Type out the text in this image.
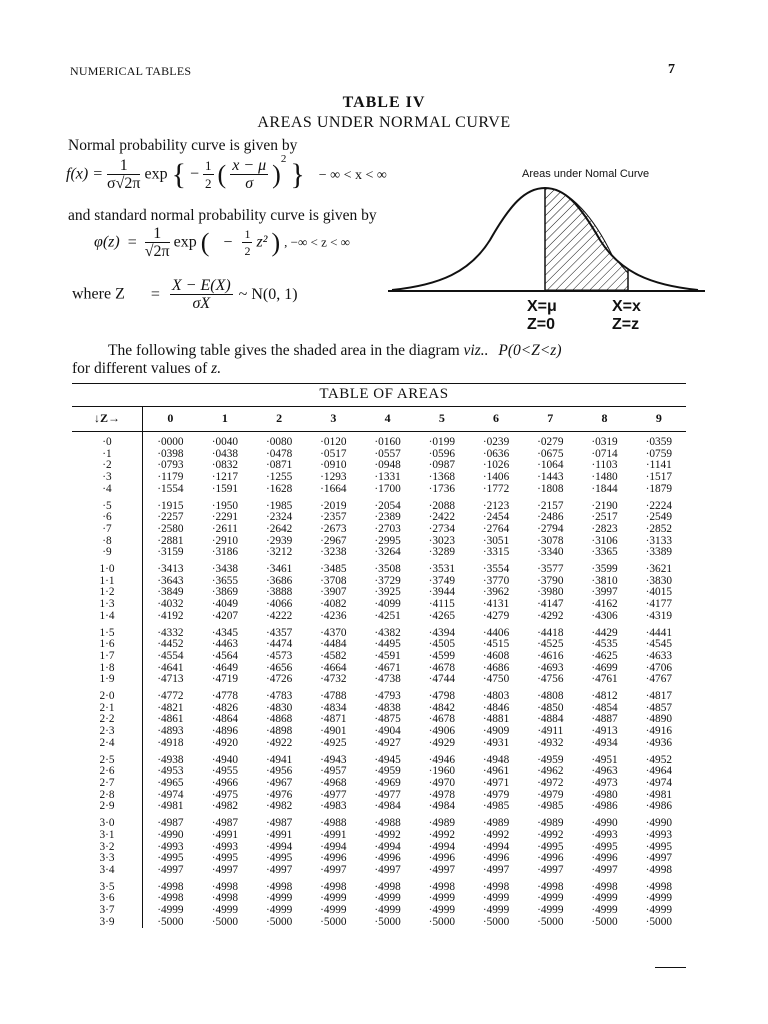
NUMERICAL TABLES	7
TABLE IV
AREAS UNDER NORMAL CURVE
Normal probability curve is given by
$f(x) = \frac{1}{\sigma√2\pi}$ exp { − $\frac{1}{2}$ ( $\frac{x - \mu}{\sigma} )^2$ } − ∞ < x < ∞
and standard normal probability curve is given by
$\varphi(z) = \frac{1}{√2\pi}$ exp ( − $\frac{1}{2} z^2$ ) , −∞ < z < ∞
where $Z = \frac{X - E(X)}{\sigma X}$ ~ N(0, 1)
Areas under Nomal Curve
X=μ
Z=0
X=x
Z=z
The following table gives the shaded area in the diagram viz.. P(0<Z<z)
for different values of z.
TABLE OF AREAS
↓Z→	0	1	2	3	4	5	6	7	8	9
·0	·0000	·0040	·0080	·0120	·0160	·0199	·0239	·0279	·0319	·0359
·1	·0398	·0438	·0478	·0517	·0557	·0596	·0636	·0675	·0714	·0759
·2	·0793	·0832	·0871	·0910	·0948	·0987	·1026	·1064	·1103	·1141
·3	·1179	·1217	·1255	·1293	·1331	·1368	·1406	·1443	·1480	·1517
·4	·1554	·1591	·1628	·1664	·1700	·1736	·1772	·1808	·1844	·1879
·5	·1915	·1950	·1985	·2019	·2054	·2088	·2123	·2157	·2190	·2224
·6	·2257	·2291	·2324	·2357	·2389	·2422	·2454	·2486	·2517	·2549
·7	·2580	·2611	·2642	·2673	·2703	·2734	·2764	·2794	·2823	·2852
·8	·2881	·2910	·2939	·2967	·2995	·3023	·3051	·3078	·3106	·3133
·9	·3159	·3186	·3212	·3238	·3264	·3289	·3315	·3340	·3365	·3389
1·0	·3413	·3438	·3461	·3485	·3508	·3531	·3554	·3577	·3599	·3621
1·1	·3643	·3655	·3686	·3708	·3729	·3749	·3770	·3790	·3810	·3830
1·2	·3849	·3869	·3888	·3907	·3925	·3944	·3962	·3980	·3997	·4015
1·3	·4032	·4049	·4066	·4082	·4099	·4115	·4131	·4147	·4162	·4177
1·4	·4192	·4207	·4222	·4236	·4251	·4265	·4279	·4292	·4306	·4319
1·5	·4332	·4345	·4357	·4370	·4382	·4394	·4406	·4418	·4429	·4441
1·6	·4452	·4463	·4474	·4484	·4495	·4505	·4515	·4525	·4535	·4545
1·7	·4554	·4564	·4573	·4582	·4591	·4599	·4608	·4616	·4625	·4633
1·8	·4641	·4649	·4656	·4664	·4671	·4678	·4686	·4693	·4699	·4706
1·9	·4713	·4719	·4726	·4732	·4738	·4744	·4750	·4756	·4761	·4767
2·0	·4772	·4778	·4783	·4788	·4793	·4798	·4803	·4808	·4812	·4817
2·1	·4821	·4826	·4830	·4834	·4838	·4842	·4846	·4850	·4854	·4857
2·2	·4861	·4864	·4868	·4871	·4875	·4678	·4881	·4884	·4887	·4890
2·3	·4893	·4896	·4898	·4901	·4904	·4906	·4909	·4911	·4913	·4916
2·4	·4918	·4920	·4922	·4925	·4927	·4929	·4931	·4932	·4934	·4936
2·5	·4938	·4940	·4941	·4943	·4945	·4946	·4948	·4959	·4951	·4952
2·6	·4953	·4955	·4956	·4957	·4959	·1960	·4961	·4962	·4963	·4964
2·7	·4965	·4966	·4967	·4968	·4969	·4970	·4971	·4972	·4973	·4974
2·8	·4974	·4975	·4976	·4977	·4977	·4978	·4979	·4979	·4980	·4981
2·9	·4981	·4982	·4982	·4983	·4984	·4984	·4985	·4985	·4986	·4986
3·0	·4987	·4987	·4987	·4988	·4988	·4989	·4989	·4989	·4990	·4990
3·1	·4990	·4991	·4991	·4991	·4992	·4992	·4992	·4992	·4993	·4993
3·2	·4993	·4993	·4994	·4994	·4994	·4994	·4994	·4995	·4995	·4995
3·3	·4995	·4995	·4995	·4996	·4996	·4996	·4996	·4996	·4996	·4997
3·4	·4997	·4997	·4997	·4997	·4997	·4997	·4997	·4997	·4997	·4998
3·5	·4998	·4998	·4998	·4998	·4998	·4998	·4998	·4998	·4998	·4998
3·6	·4998	·4998	·4999	·4999	·4999	·4999	·4999	·4999	·4999	·4999
3·7	·4999	·4999	·4999	·4999	·4999	·4999	·4999	·4999	·4999	·4999
3·9	·5000	·5000	·5000	·5000	·5000	·5000	·5000	·5000	·5000	·5000
